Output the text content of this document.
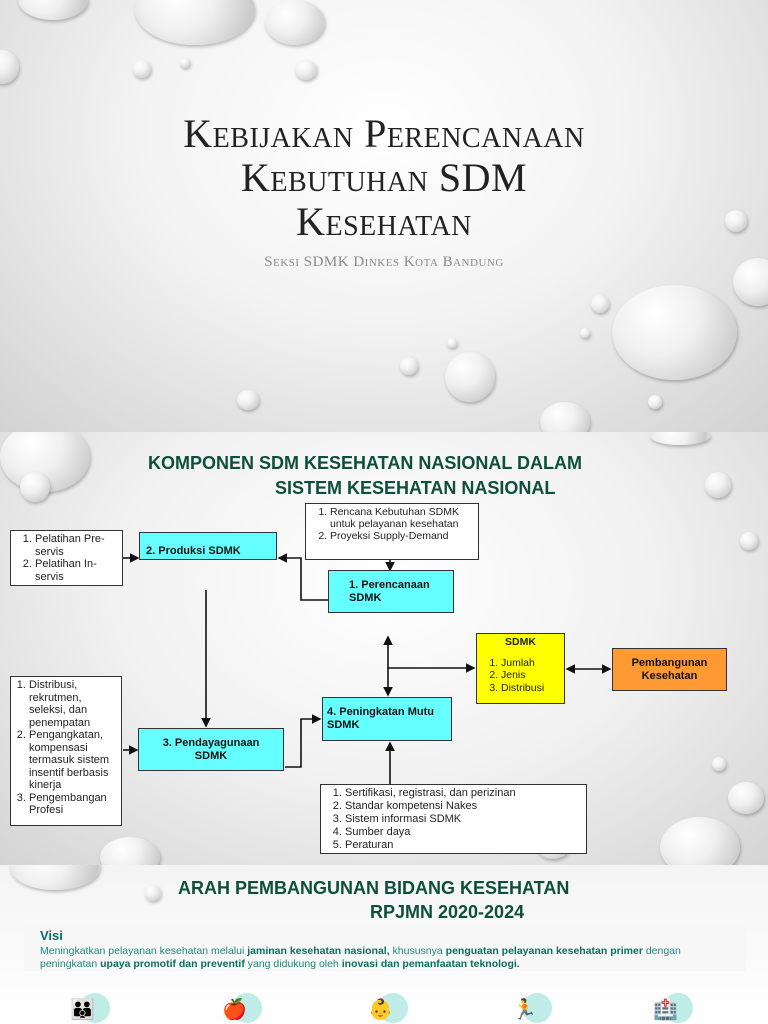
Kebijakan Perencanaan
Kebutuhan SDM
Kesehatan
Seksi SDMK Dinkes Kota Bandung
KOMPONEN SDM KESEHATAN NASIONAL DALAM
SISTEM KESEHATAN NASIONAL
1. Pelatihan Pre-servis
2. Pelatihan In-servis
2. Produksi SDMK
1. Rencana Kebutuhan SDMK untuk pelayanan kesehatan
2. Proyeksi Supply-Demand
1. Perencanaan SDMK
SDMK
1. Jumlah
2. Jenis
3. Distribusi
Pembangunan Kesehatan
1. Distribusi, rekrutmen, seleksi, dan penempatan
2. Pengangkatan, kompensasi termasuk sistem insentif berbasis kinerja
3. Pengembangan Profesi
3. Pendayagunaan SDMK
4. Peningkatan Mutu SDMK
1. Sertifikasi, registrasi, dan perizinan
2. Standar kompetensi Nakes
3. Sistem informasi SDMK
4. Sumber daya
5. Peraturan
ARAH PEMBANGUNAN BIDANG KESEHATAN
RPJMN 2020-2024
Visi
Meningkatkan pelayanan kesehatan melalui jaminan kesehatan nasional, khususnya penguatan pelayanan kesehatan primer dengan peningkatan upaya promotif dan preventif yang didukung oleh inovasi dan pemanfaatan teknologi.
👪	🍎	👶	🏃	🏥
